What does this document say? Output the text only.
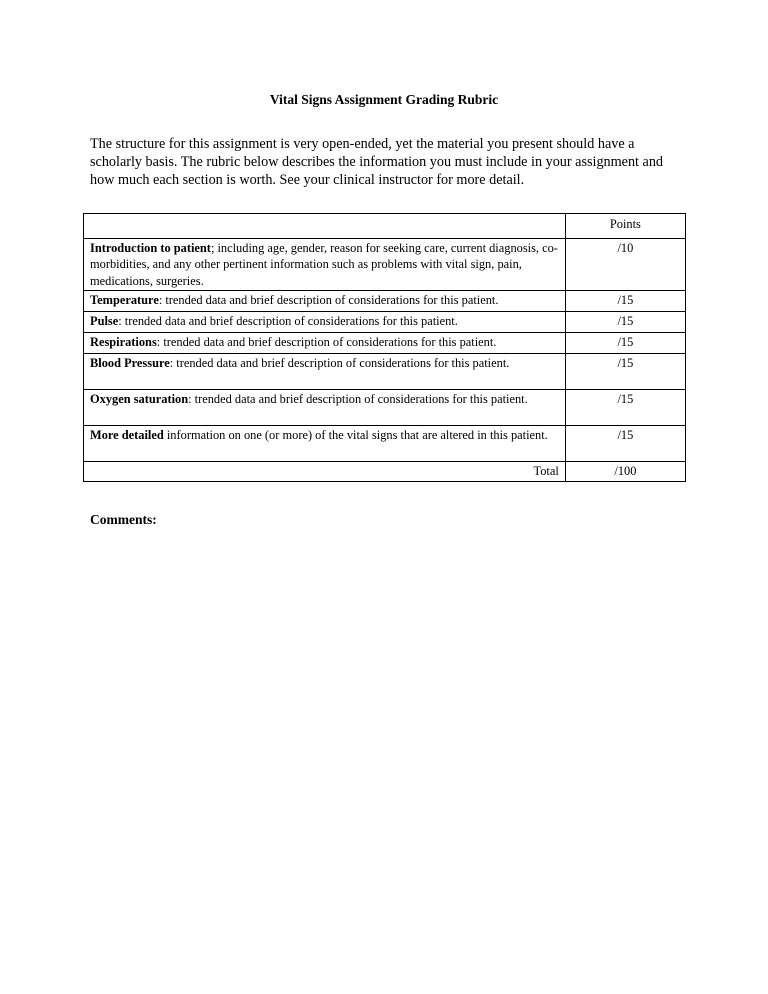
Vital Signs Assignment Grading Rubric
The structure for this assignment is very open-ended, yet the material you present should have a scholarly basis. The rubric below describes the information you must include in your assignment and how much each section is worth. See your clinical instructor for more detail.
	Points
Introduction to patient; including age, gender, reason for seeking care, current diagnosis, co-morbidities, and any other pertinent information such as problems with vital sign, pain, medications, surgeries.	/10
Temperature: trended data and brief description of considerations for this patient.	/15
Pulse: trended data and brief description of considerations for this patient.	/15
Respirations: trended data and brief description of considerations for this patient.	/15
Blood Pressure: trended data and brief description of considerations for this patient.	/15
Oxygen saturation: trended data and brief description of considerations for this patient.	/15
More detailed information on one (or more) of the vital signs that are altered in this patient.	/15
Total	/100
Comments:
